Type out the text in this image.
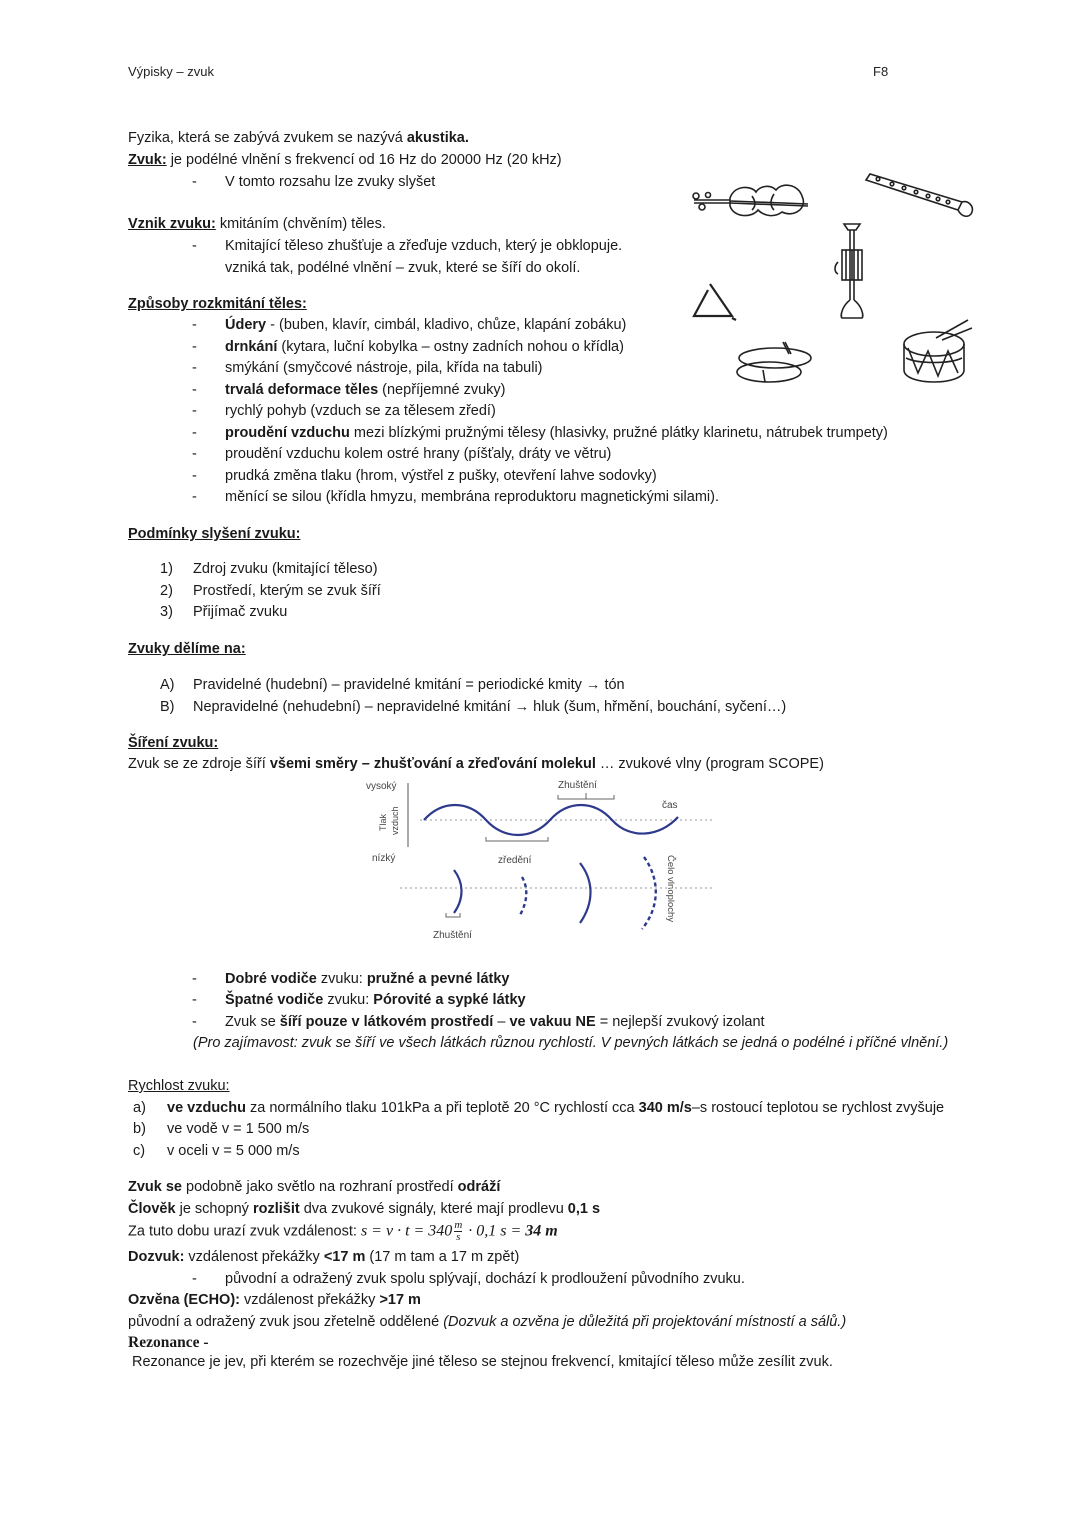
Výpisky – zvuk	F8
Fyzika, která se zabývá zvukem se nazývá akustika.
Zvuk: je podélné vlnění s frekvencí od 16 Hz do 20000 Hz (20 kHz)
- V tomto rozsahu lze zvuky slyšet
Vznik zvuku: kmitáním (chvěním) těles.
- Kmitající těleso zhušťuje a zřeďuje vzduch, který je obklopuje.
vzniká tak, podélné vlnění – zvuk, které se šíří do okolí.
Způsoby rozkmitání těles:
- Údery - (buben, klavír, cimbál, kladivo, chůze, klapání zobáku)
- drnkání (kytara, luční kobylka – ostny zadních nohou o křídla)
- smýkání (smyčcové nástroje, pila, křída na tabuli)
- trvalá deformace těles (nepříjemné zvuky)
- rychlý pohyb (vzduch se za tělesem zředí)
- proudění vzduchu mezi blízkými pružnými tělesy (hlasivky, pružné plátky klarinetu, nátrubek trumpety)
- proudění vzduchu kolem ostré hrany (píšťaly, dráty ve větru)
- prudká změna tlaku (hrom, výstřel z pušky, otevření lahve sodovky)
- měnící se silou (křídla hmyzu, membrána reproduktoru magnetickými silami).
Podmínky slyšení zvuku:
1) Zdroj zvuku (kmitající těleso)
2) Prostředí, kterým se zvuk šíří
3) Přijímač zvuku
Zvuky dělíme na:
A) Pravidelné (hudební) – pravidelné kmitání = periodické kmity → tón
B) Nepravidelné (nehudební) – nepravidelné kmitání → hluk (šum, hřmění, bouchání, syčení…)
Šíření zvuku:
Zvuk se ze zdroje šíří všemi směry – zhušťování a zřeďování molekul … zvukové vlny (program SCOPE)
vysoký
nízký
Tlak vzduch
Zhuštění
čas
zředění
Zhuštění
Čelo vlnoplochy
- Dobré vodiče zvuku: pružné a pevné látky
- Špatné vodiče zvuku: Pórovité a sypké látky
- Zvuk se šíří pouze v látkovém prostředí – ve vakuu NE = nejlepší zvukový izolant
(Pro zajímavost: zvuk se šíří ve všech látkách různou rychlostí. V pevných látkách se jedná o podélné i příčné vlnění.)
Rychlost zvuku:
a) ve vzduchu za normálního tlaku 101kPa a při teplotě 20 °C rychlostí cca 340 m/s–s rostoucí teplotou se rychlost zvyšuje
b) ve vodě v = 1 500 m/s
c) v oceli v = 5 000 m/s
Zvuk se podobně jako světlo na rozhraní prostředí odráží
Člověk je schopný rozlišit dva zvukové signály, které mají prodlevu 0,1 s
Za tuto dobu urazí zvuk vzdálenost: $s = v \cdot t = 340 \frac{m}{s} \cdot 0,1$ s = 34 m
Dozvuk: vzdálenost překážky <17 m (17 m tam a 17 m zpět)
- původní a odražený zvuk spolu splývají, dochází k prodloužení původního zvuku.
Ozvěna (ECHO): vzdálenost překážky >17 m
původní a odražený zvuk jsou zřetelně oddělené (Dozvuk a ozvěna je důležitá při projektování místností a sálů.)
Rezonance -
Rezonance je jev, při kterém se rozechvěje jiné těleso se stejnou frekvencí, kmitající těleso může zesílit zvuk.
